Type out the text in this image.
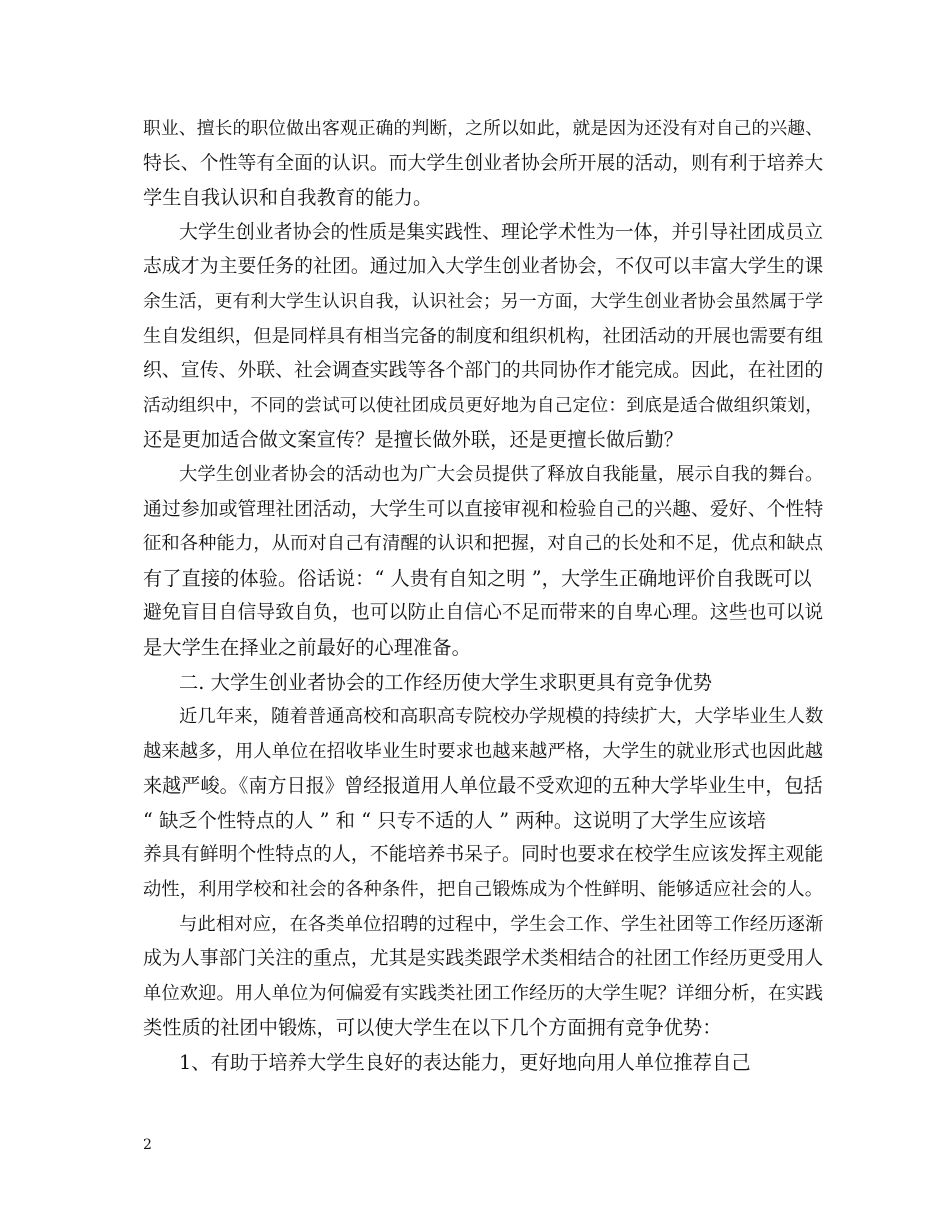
职业、擅长的职位做出客观正确的判断，之所以如此，就是因为还没有对自己的兴趣、
特长、个性等有全面的认识。而大学生创业者协会所开展的活动，则有利于培养大
学生自我认识和自我教育的能力。
大学生创业者协会的性质是集实践性、理论学术性为一体，并引导社团成员立
志成才为主要任务的社团。通过加入大学生创业者协会，不仅可以丰富大学生的课
余生活，更有利大学生认识自我，认识社会；另一方面，大学生创业者协会虽然属于学
生自发组织，但是同样具有相当完备的制度和组织机构，社团活动的开展也需要有组
织、宣传、外联、社会调查实践等各个部门的共同协作才能完成。因此，在社团的
活动组织中，不同的尝试可以使社团成员更好地为自己定位：到底是适合做组织策划，
还是更加适合做文案宣传？是擅长做外联，还是更擅长做后勤？
大学生创业者协会的活动也为广大会员提供了释放自我能量，展示自我的舞台。
通过参加或管理社团活动，大学生可以直接审视和检验自己的兴趣、爱好、个性特
征和各种能力，从而对自己有清醒的认识和把握，对自己的长处和不足，优点和缺点
有了直接的体验。俗话说：“ 人贵有自知之明 ”，大学生正确地评价自我既可以
避免盲目自信导致自负，也可以防止自信心不足而带来的自卑心理。这些也可以说
是大学生在择业之前最好的心理准备。
二. 大学生创业者协会的工作经历使大学生求职更具有竞争优势
近几年来，随着普通高校和高职高专院校办学规模的持续扩大，大学毕业生人数
越来越多，用人单位在招收毕业生时要求也越来越严格，大学生的就业形式也因此越
来越严峻。《南方日报》曾经报道用人单位最不受欢迎的五种大学毕业生中，包括
“ 缺乏个性特点的人 ” 和 “ 只专不适的人 ” 两种。这说明了大学生应该培
养具有鲜明个性特点的人，不能培养书呆子。同时也要求在校学生应该发挥主观能
动性，利用学校和社会的各种条件，把自己锻炼成为个性鲜明、能够适应社会的人。
与此相对应，在各类单位招聘的过程中，学生会工作、学生社团等工作经历逐渐
成为人事部门关注的重点，尤其是实践类跟学术类相结合的社团工作经历更受用人
单位欢迎。用人单位为何偏爱有实践类社团工作经历的大学生呢？详细分析，在实践
类性质的社团中锻炼，可以使大学生在以下几个方面拥有竞争优势：
1、有助于培养大学生良好的表达能力，更好地向用人单位推荐自己
2
